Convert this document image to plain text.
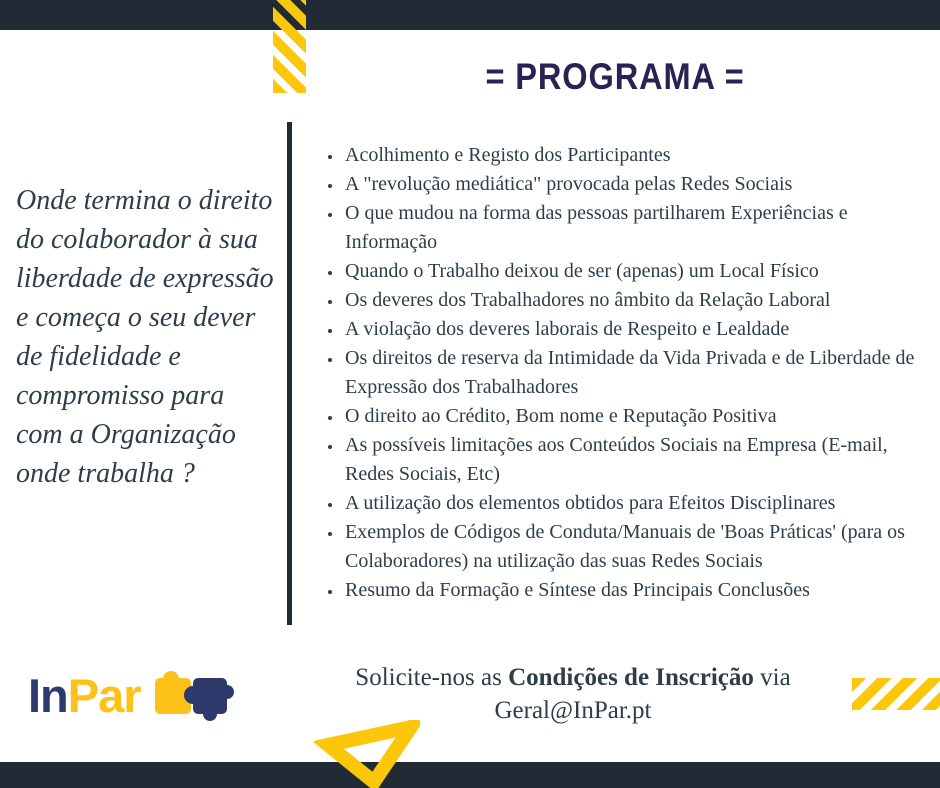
= PROGRAMA =
Onde termina o direito do colaborador à sua liberdade de expressão e começa o seu dever de fidelidade e compromisso para com a Organização onde trabalha ?
• Acolhimento e Registo dos Participantes
• A "revolução mediática" provocada pelas Redes Sociais
• O que mudou na forma das pessoas partilharem Experiências e Informação
• Quando o Trabalho deixou de ser (apenas) um Local Físico
• Os deveres dos Trabalhadores no âmbito da Relação Laboral
• A violação dos deveres laborais de Respeito e Lealdade
• Os direitos de reserva da Intimidade da Vida Privada e de Liberdade de Expressão dos Trabalhadores
• O direito ao Crédito, Bom nome e Reputação Positiva
• As possíveis limitações aos Conteúdos Sociais na Empresa (E-mail, Redes Sociais, Etc)
• A utilização dos elementos obtidos para Efeitos Disciplinares
• Exemplos de Códigos de Conduta/Manuais de 'Boas Práticas' (para os Colaboradores) na utilização das suas Redes Sociais
• Resumo da Formação e Síntese das Principais Conclusões
In Par	Solicite-nos as Condições de Inscrição via Geral@InPar.pt
